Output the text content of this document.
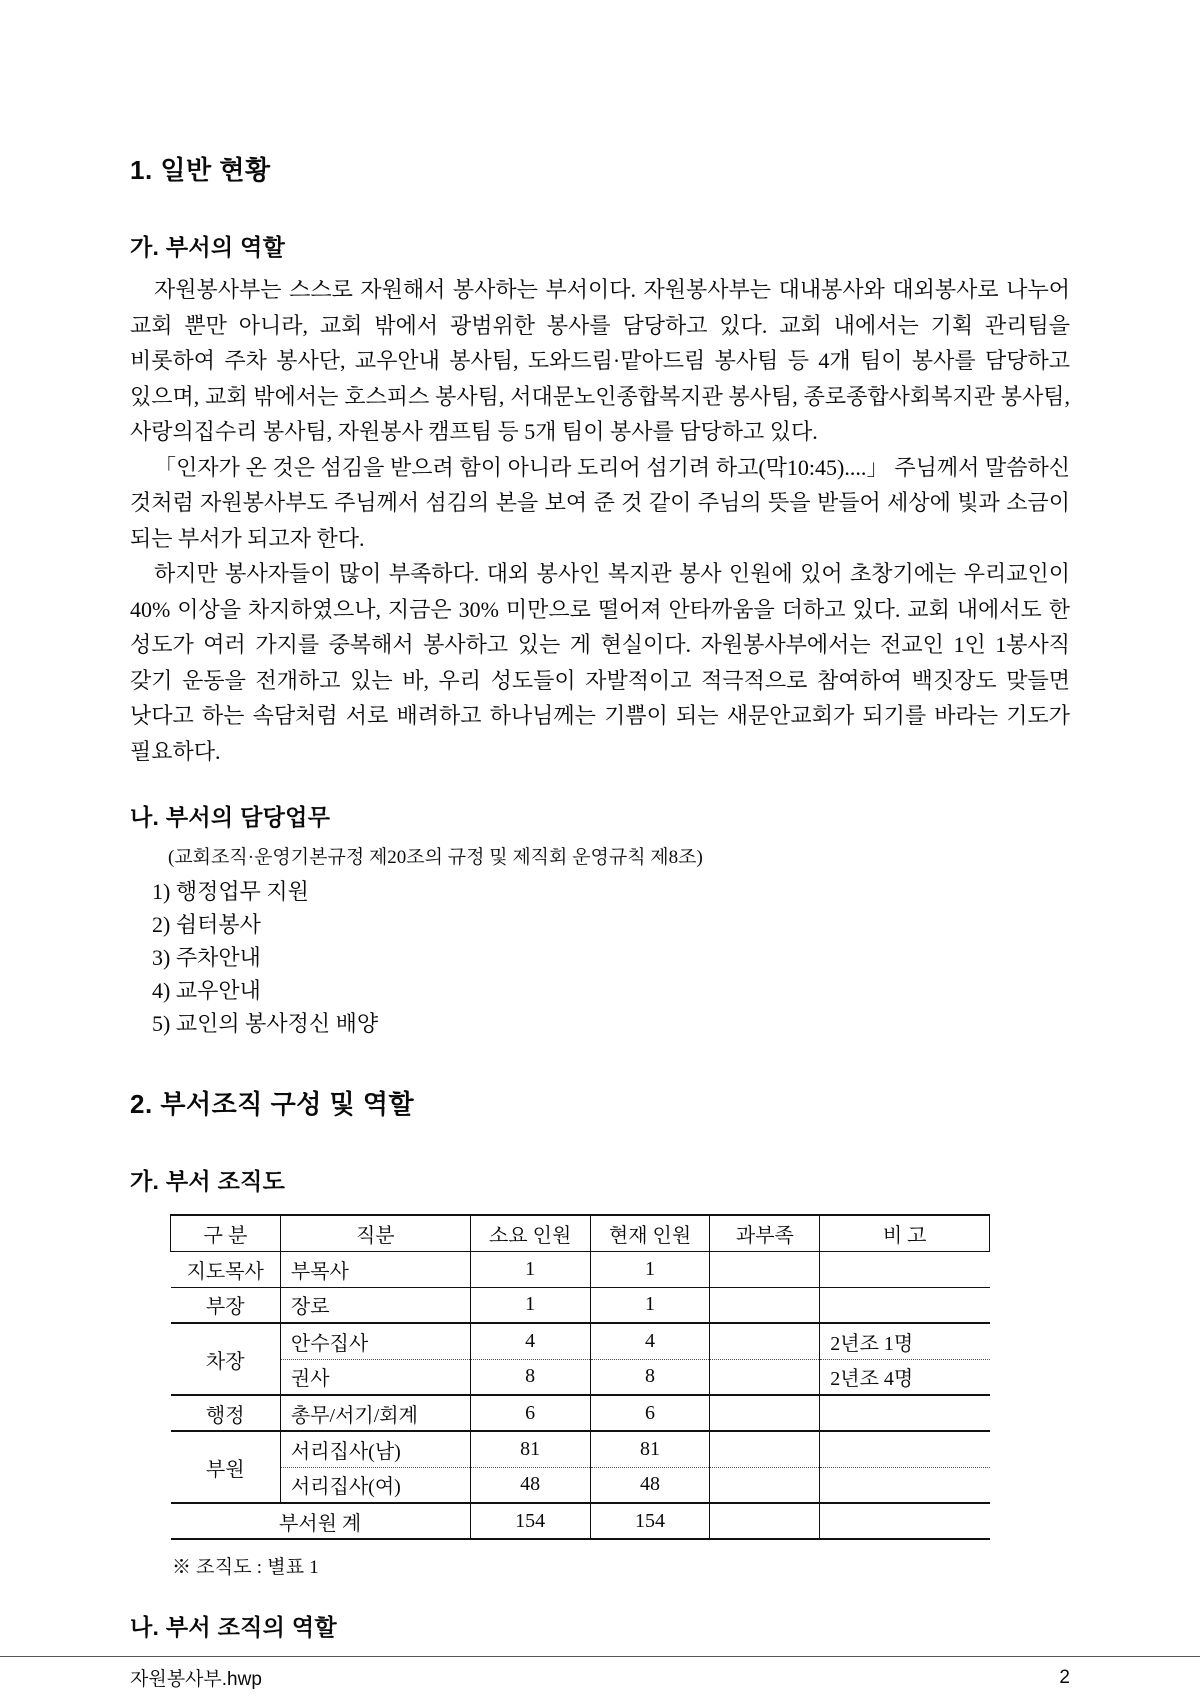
1. 일반 현황
가. 부서의 역할

자원봉사부는 스스로 자원해서 봉사하는 부서이다. 자원봉사부는 대내봉사와 대외봉사로 나누어 교회 뿐만 아니라, 교회 밖에서 광범위한 봉사를 담당하고 있다. 교회 내에서는 기획 관리팀을 비롯하여 주차 봉사단, 교우안내 봉사팀, 도와드림·맡아드림 봉사팀 등 4개 팀이 봉사를 담당하고 있으며, 교회 밖에서는 호스피스 봉사팀, 서대문노인종합복지관 봉사팀, 종로종합사회복지관 봉사팀, 사랑의집수리 봉사팀, 자원봉사 캠프팀 등 5개 팀이 봉사를 담당하고 있다.

「인자가 온 것은 섬김을 받으려 함이 아니라 도리어 섬기려 하고(막10:45)....」 주님께서 말씀하신 것처럼 자원봉사부도 주님께서 섬김의 본을 보여 준 것 같이 주님의 뜻을 받들어 세상에 빛과 소금이 되는 부서가 되고자 한다.

하지만 봉사자들이 많이 부족하다. 대외 봉사인 복지관 봉사 인원에 있어 초창기에는 우리교인이 40% 이상을 차지하였으나, 지금은 30% 미만으로 떨어져 안타까움을 더하고 있다. 교회 내에서도 한 성도가 여러 가지를 중복해서 봉사하고 있는 게 현실이다. 자원봉사부에서는 전교인 1인 1봉사직 갖기 운동을 전개하고 있는 바, 우리 성도들이 자발적이고 적극적으로 참여하여 백짓장도 맞들면 낫다고 하는 속담처럼 서로 배려하고 하나님께는 기쁨이 되는 새문안교회가 되기를 바라는 기도가 필요하다.

나. 부서의 담당업무
(교회조직·운영기본규정 제20조의 규정 및 제직회 운영규칙 제8조)
1) 행정업무 지원
2) 쉼터봉사
3) 주차안내
4) 교우안내
5) 교인의 봉사정신 배양
2. 부서조직 구성 및 역할
가. 부서 조직도
구 분	직분	소요 인원	현재 인원	과부족	비 고
지도목사	부목사	1	1		
부장	장로	1	1		
차장	안수집사	4	4		2년조 1명
	권사	8	8		2년조 4명
행정	총무/서기/회계	6	6		
부원	서리집사(남)	81	81		
	서리집사(여)	48	48		
부서원 계		154	154		
※ 조직도 : 별표 1
나. 부서 조직의 역할
자원봉사부.hwp	2
